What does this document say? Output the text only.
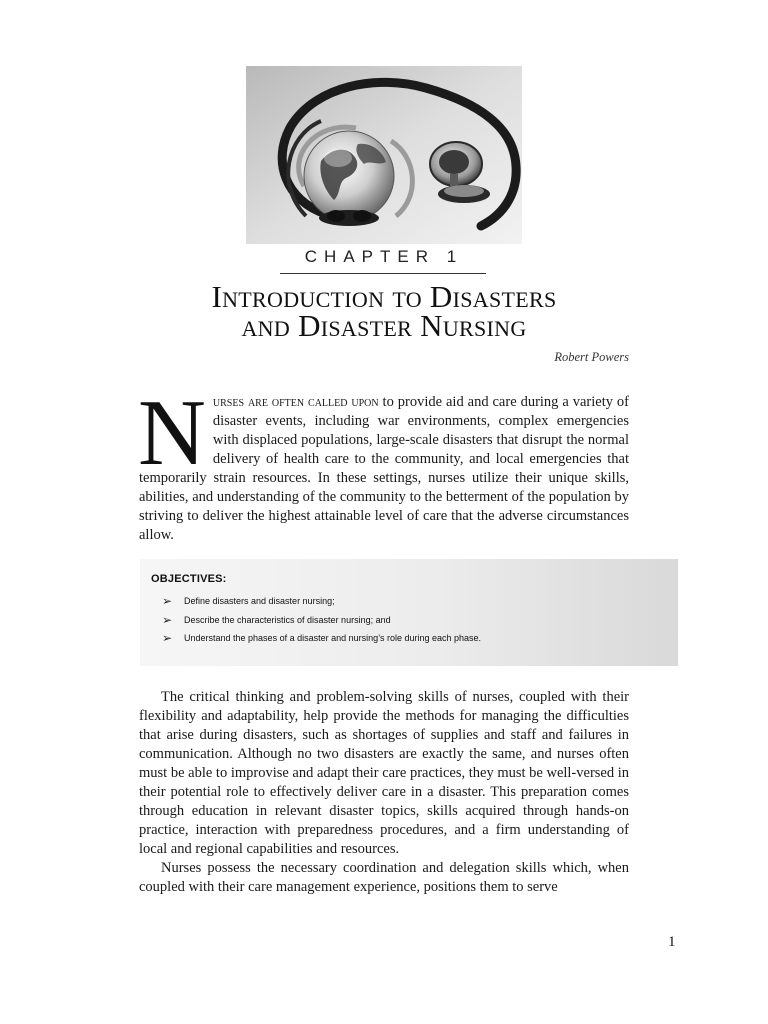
CHAPTER 1
Introduction to Disasters
and Disaster Nursing
Robert Powers
N urses are often called upon to provide aid and care during a variety of disaster events, including war environments, complex emergencies with displaced populations, large-scale disasters that disrupt the normal delivery of health care to the community, and local emergencies that temporarily strain resources. In these settings, nurses utilize their unique skills, abilities, and understanding of the community to the betterment of the population by striving to deliver the highest attainable level of care that the adverse circumstances allow.
OBJECTIVES:
➢ Define disasters and disaster nursing;
➢ Describe the characteristics of disaster nursing; and
➢ Understand the phases of a disaster and nursing’s role during each phase.

The critical thinking and problem-solving skills of nurses, coupled with their flexibility and adaptability, help provide the methods for managing the difficulties that arise during disasters, such as shortages of supplies and staff and failures in communication. Although no two disasters are exactly the same, and nurses often must be able to improvise and adapt their care practices, they must be well-versed in their potential role to effectively deliver care in a disaster. This preparation comes through education in relevant disaster topics, skills acquired through hands-on practice, interaction with preparedness procedures, and a firm understanding of local and regional capabilities and resources.

Nurses possess the necessary coordination and delegation skills which, when coupled with their care management experience, positions them to serve

1
